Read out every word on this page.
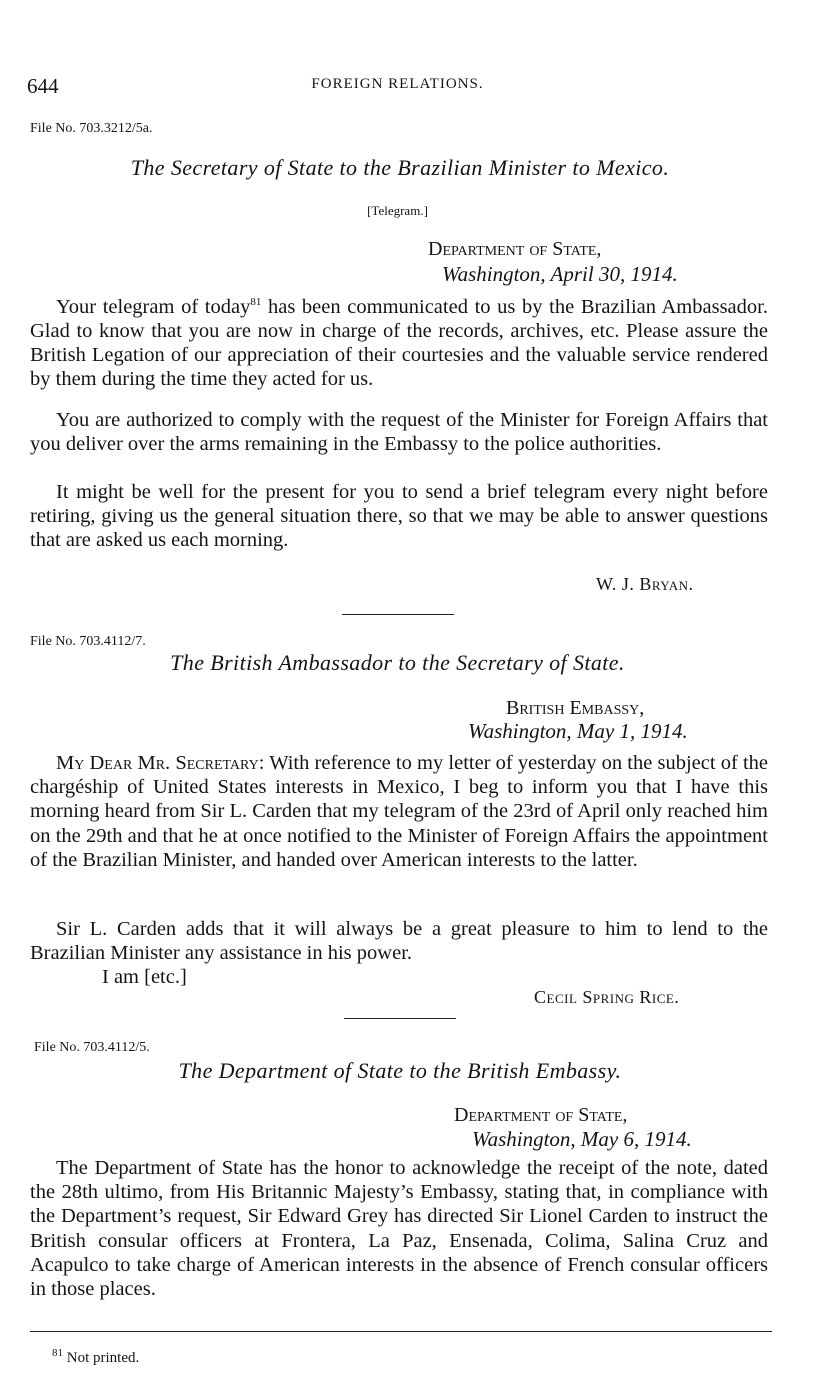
644	FOREIGN RELATIONS.
File No. 703.3212/5a.
The Secretary of State to the Brazilian Minister to Mexico.
[Telegram.]
Department of State,
Washington, April 30, 1914.

Your telegram of today$^{81}$ has been communicated to us by the Brazilian Ambassador. Glad to know that you are now in charge of the records, archives, etc. Please assure the British Legation of our appreciation of their courtesies and the valuable service rendered by them during the time they acted for us.

You are authorized to comply with the request of the Minister for Foreign Affairs that you deliver over the arms remaining in the Embassy to the police authorities.

It might be well for the present for you to send a brief telegram every night before retiring, giving us the general situation there, so that we may be able to answer questions that are asked us each morning.

W. J. Bryan.
File No. 703.4112/7.
The British Ambassador to the Secretary of State.
British Embassy,
Washington, May 1, 1914.

My Dear Mr. Secretary: With reference to my letter of yesterday on the subject of the chargéship of United States interests in Mexico, I beg to inform you that I have this morning heard from Sir L. Carden that my telegram of the 23rd of April only reached him on the 29th and that he at once notified to the Minister of Foreign Affairs the appointment of the Brazilian Minister, and handed over American interests to the latter.

Sir L. Carden adds that it will always be a great pleasure to him to lend to the Brazilian Minister any assistance in his power.

I am [etc.]
Cecil Spring Rice.
File No. 703.4112/5.
The Department of State to the British Embassy.
Department of State,
Washington, May 6, 1914.

The Department of State has the honor to acknowledge the receipt of the note, dated the 28th ultimo, from His Britannic Majesty’s Embassy, stating that, in compliance with the Department’s request, Sir Edward Grey has directed Sir Lionel Carden to instruct the British consular officers at Frontera, La Paz, Ensenada, Colima, Salina Cruz and Acapulco to take charge of American interests in the absence of French consular officers in those places.

$^{81}$ Not printed.
